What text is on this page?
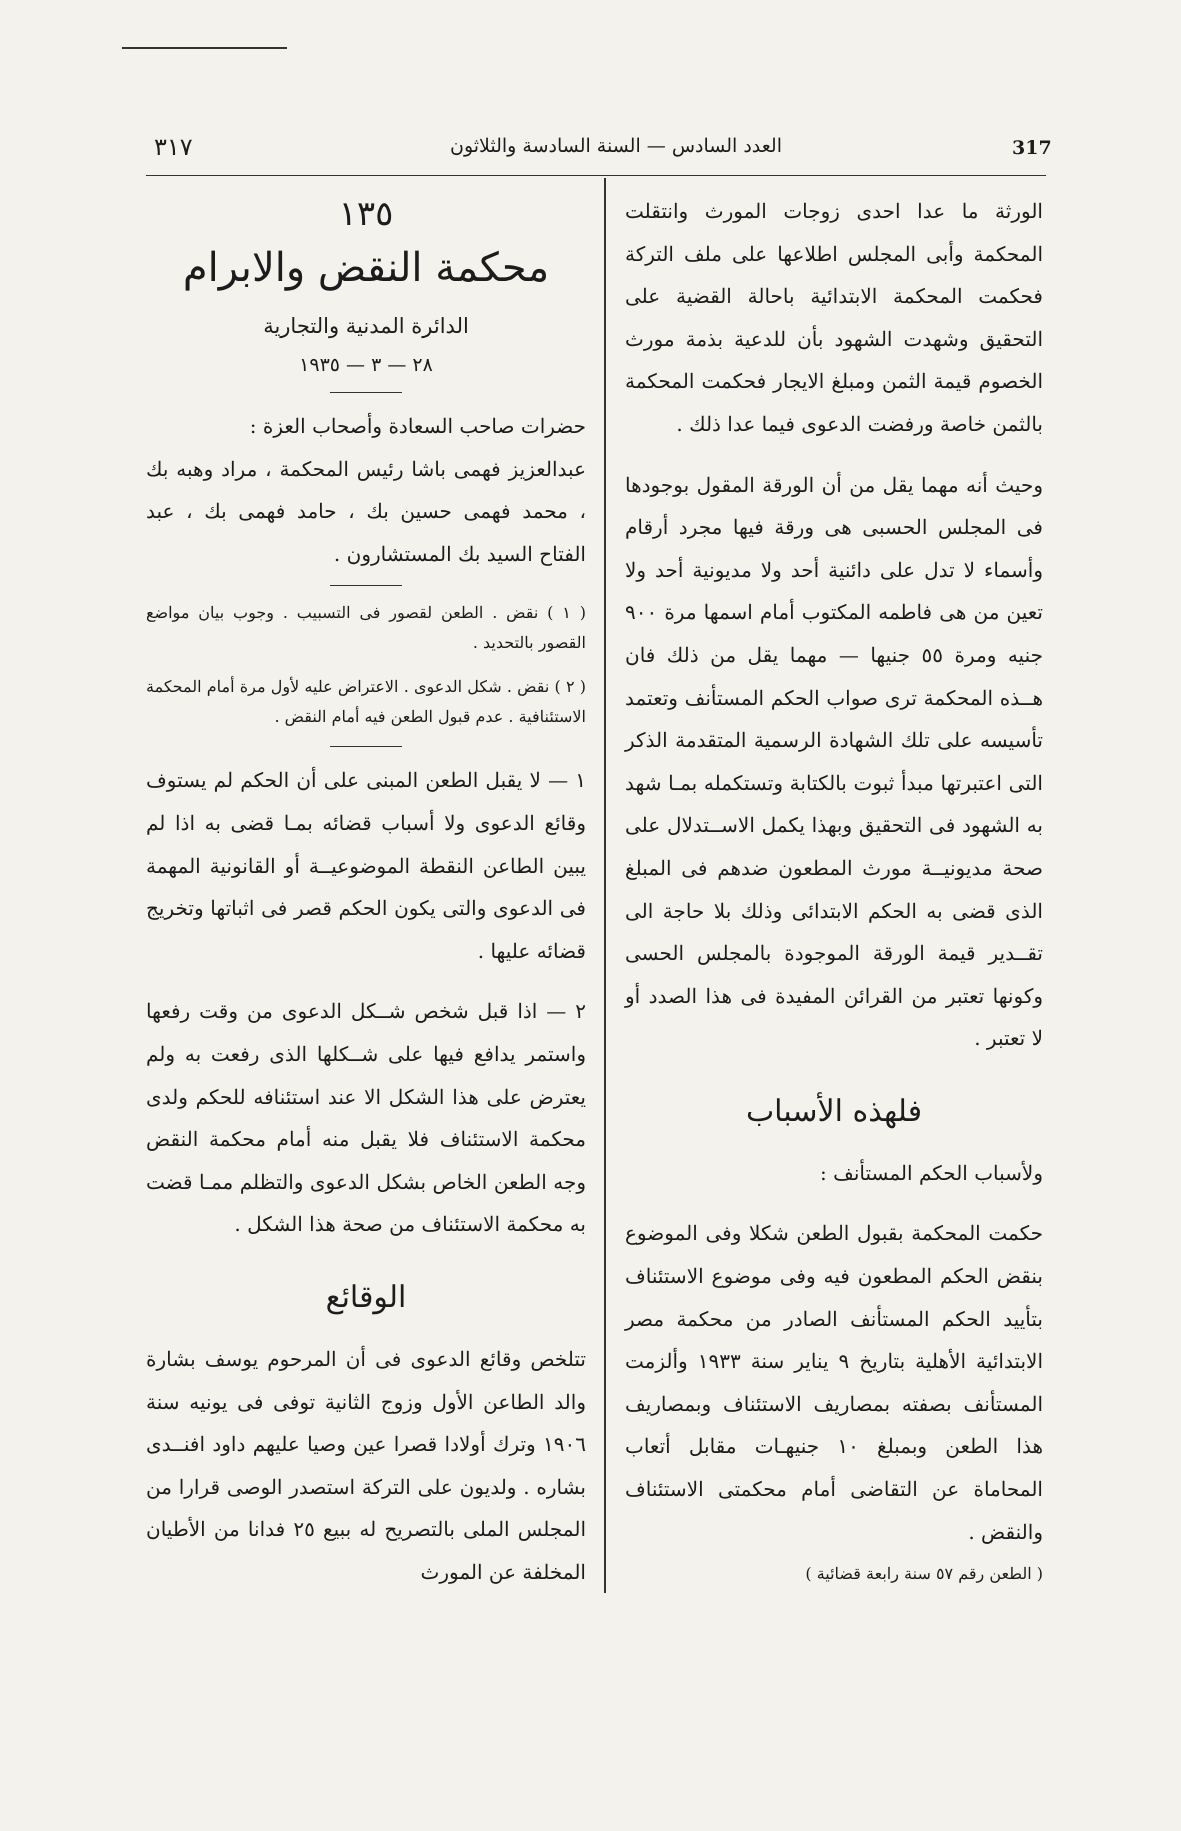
317
العدد السادس — السنة السادسة والثلاثون
٣١٧

الورثة ما عدا احدى زوجات المورث وانتقلت المحكمة وأبى المجلس اطلاعها على ملف التركة فحكمت المحكمة الابتدائية باحالة القضية على التحقيق وشهدت الشهود بأن للدعية بذمة مورث الخصوم قيمة الثمن ومبلغ الايجار فحكمت المحكمة بالثمن خاصة ورفضت الدعوى فيما عدا ذلك .

وحيث أنه مهما يقل من أن الورقة المقول بوجودها فى المجلس الحسبى هى ورقة فيها مجرد أرقام وأسماء لا تدل على دائنية أحد ولا مديونية أحد ولا تعين من هى فاطمه المكتوب أمام اسمها مرة ٩٠٠ جنيه ومرة ٥٥ جنيها — مهما يقل من ذلك فان هــذه المحكمة ترى صواب الحكم المستأنف وتعتمد تأسيسه على تلك الشهادة الرسمية المتقدمة الذكر التى اعتبرتها مبدأ ثبوت بالكتابة وتستكمله بمـا شهد به الشهود فى التحقيق وبهذا يكمل الاســتدلال على صحة مديونيــة مورث المطعون ضدهم فى المبلغ الذى قضى به الحكم الابتدائى وذلك بلا حاجة الى تقــدير قيمة الورقة الموجودة بالمجلس الحسى وكونها تعتبر من القرائن المفيدة فى هذا الصدد أو لا تعتبر .

فلهذه الأسباب

ولأسباب الحكم المستأنف :

حكمت المحكمة بقبول الطعن شكلا وفى الموضوع بنقض الحكم المطعون فيه وفى موضوع الاستئناف بتأييد الحكم المستأنف الصادر من محكمة مصر الابتدائية الأهلية بتاريخ ٩ يناير سنة ١٩٣٣ وألزمت المستأنف بصفته بمصاريف الاستئناف وبمصاريف هذا الطعن وبمبلغ ١٠ جنيهـات مقابل أتعاب المحاماة عن التقاضى أمام محكمتى الاستئناف والنقض .

( الطعن رقم ٥٧ سنة رابعة قضائية )

١٣٥
محكمة النقض والابرام
الدائرة المدنية والتجارية
٢٨ — ٣ — ١٩٣٥

حضرات صاحب السعادة وأصحاب العزة :

عبدالعزيز فهمى باشا رئيس المحكمة ، مراد وهبه بك ، محمد فهمى حسين بك ، حامد فهمى بك ، عبد الفتاح السيد بك المستشارون .

( ١ ) نقض . الطعن لقصور فى التسبيب . وجوب بيان مواضع القصور بالتحديد .

( ٢ ) نقض . شكل الدعوى . الاعتراض عليه لأول مرة أمام المحكمة الاستئنافية . عدم قبول الطعن فيه أمام النقض .

١ — لا يقبل الطعن المبنى على أن الحكم لم يستوف وقائع الدعوى ولا أسباب قضائه بمـا قضى به اذا لم يبين الطاعن النقطة الموضوعيــة أو القانونية المهمة فى الدعوى والتى يكون الحكم قصر فى اثباتها وتخريج قضائه عليها .

٢ — اذا قبل شخص شــكل الدعوى من وقت رفعها واستمر يدافع فيها على شــكلها الذى رفعت به ولم يعترض على هذا الشكل الا عند استئنافه للحكم ولدى محكمة الاستئناف فلا يقبل منه أمام محكمة النقض وجه الطعن الخاص بشكل الدعوى والتظلم ممـا قضت به محكمة الاستئناف من صحة هذا الشكل .

الوقائع

تتلخص وقائع الدعوى فى أن المرحوم يوسف بشارة والد الطاعن الأول وزوج الثانية توفى فى يونيه سنة ١٩٠٦ وترك أولادا قصرا عين وصيا عليهم داود افنــدى بشاره . ولديون على التركة استصدر الوصى قرارا من المجلس الملى بالتصريح له ببيع ٢٥ فدانا من الأطيان المخلفة عن المورث
